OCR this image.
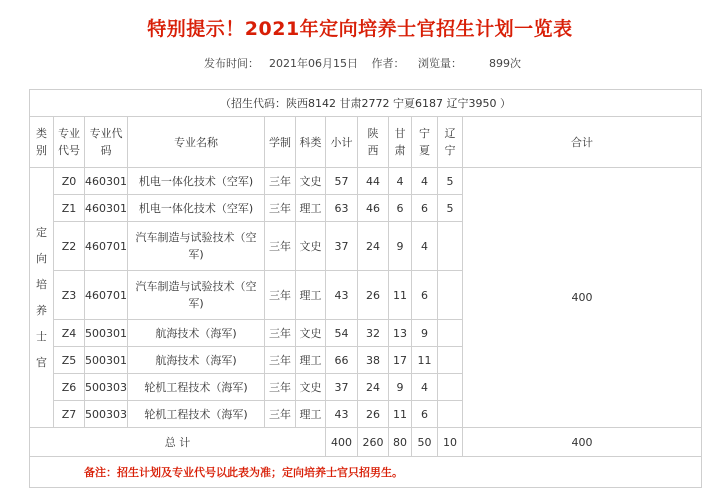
特别提示！2021年定向培养士官招生计划一览表
发布时间： 2021年06月15日 作者： 浏览量： 899次
（招生代码：陕西8142 甘肃2772 宁夏6187 辽宁3950 ）											
类别	专业代号	专业代码	专业名称	学制	科类	小计	陕西	甘肃	宁夏	辽宁	合计
定向培养士官	Z0	460301	机电一体化技术（空军)	三年	文史	57	44	4	4	5	400
	Z1	460301	机电一体化技术（空军)	三年	理工	63	46	6	6	5	
	Z2	460701	汽车制造与试验技术（空军)	三年	文史	37	24	9	4		
	Z3	460701	汽车制造与试验技术（空军)	三年	理工	43	26	11	6		
	Z4	500301	航海技术（海军)	三年	文史	54	32	13	9		
	Z5	500301	航海技术（海军)	三年	理工	66	38	17	11		
	Z6	500303	轮机工程技术（海军)	三年	文史	37	24	9	4		
	Z7	500303	轮机工程技术（海军)	三年	理工	43	26	11	6		
总 计						400	260	80	50	10	400
备注：招生计划及专业代号以此表为准；定向培养士官只招男生。											
